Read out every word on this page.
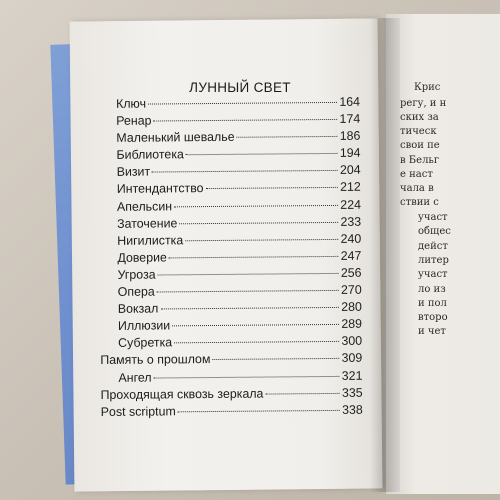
ЛУННЫЙ СВЕТ
Ключ	164
Ренар	174
Маленький шевалье	186
Библиотека	194
Визит	204
Интендантство	212
Апельсин	224
Заточение	233
Нигилистка	240
Доверие	247
Угроза	256
Опера	270
Вокзал	280
Иллюзии	289
Субретка	300
Память о прошлом	309
Ангел	321
Проходящая сквозь зеркала	335
Post scriptum	338
Крис
регу, и н
ских за
тическ
свои пе
в Бельг
е наст
чала в
ствии с
участ
общес
дейст
литер
участ
ло из
и пол
второ
и чет
